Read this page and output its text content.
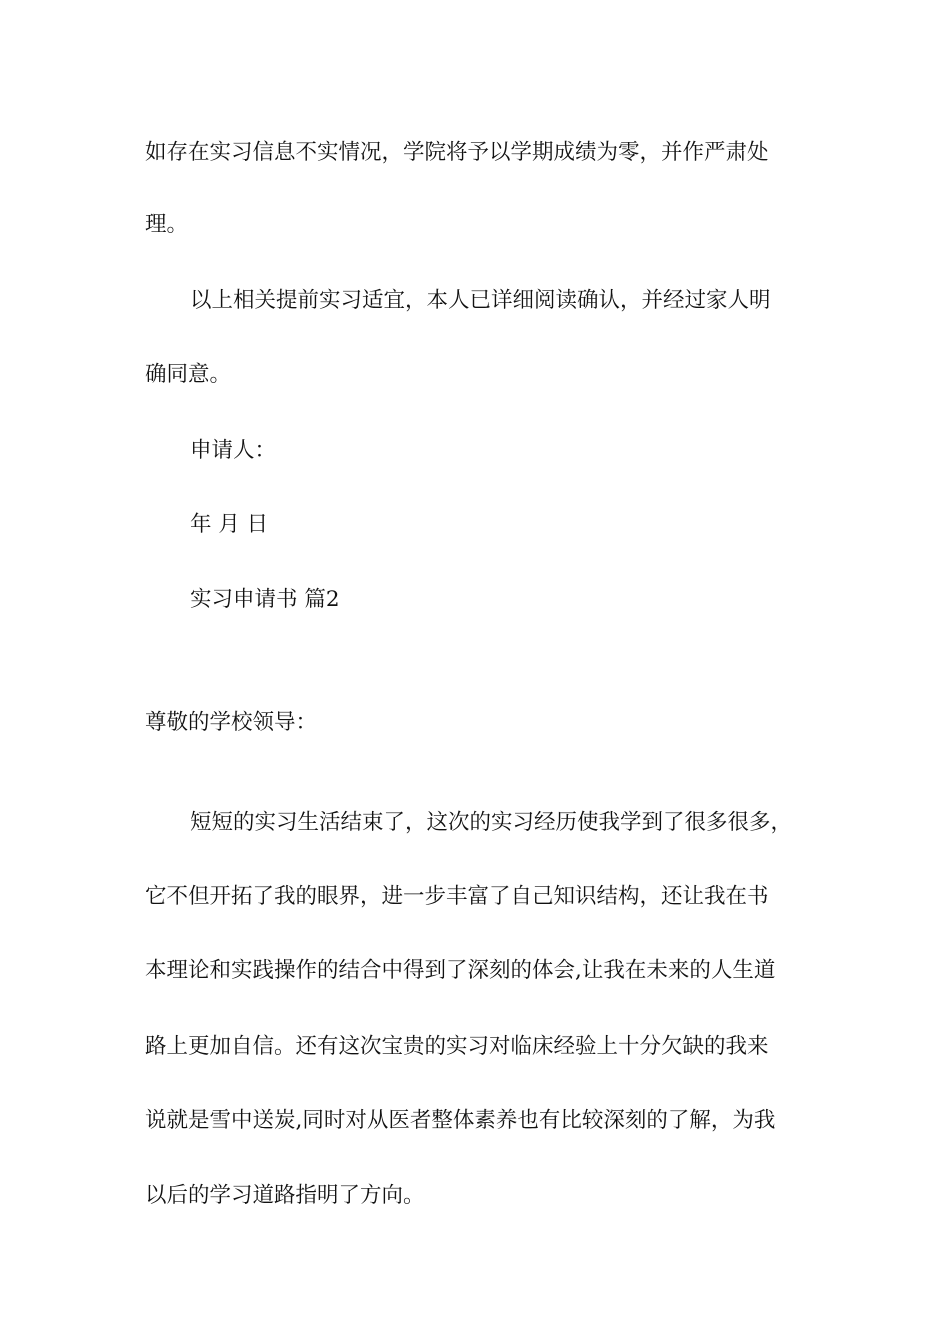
如存在实习信息不实情况，学院将予以学期成绩为零，并作严肃处
理。
以上相关提前实习适宜，本人已详细阅读确认，并经过家人明
确同意。
申请人：
年 月 日
实习申请书 篇2
尊敬的学校领导：
短短的实习生活结束了，这次的实习经历使我学到了很多很多，
它不但开拓了我的眼界，进一步丰富了自己知识结构，还让我在书
本理论和实践操作的结合中得到了深刻的体会,让我在未来的人生道
路上更加自信。还有这次宝贵的实习对临床经验上十分欠缺的我来
说就是雪中送炭,同时对从医者整体素养也有比较深刻的了解，为我
以后的学习道路指明了方向。
